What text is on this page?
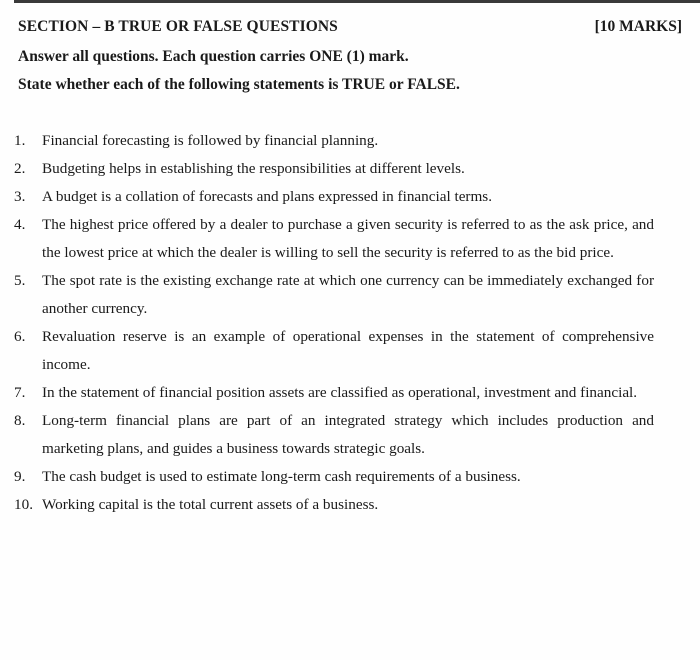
SECTION – B TRUE OR FALSE QUESTIONS	[10 MARKS]
Answer all questions. Each question carries ONE (1) mark.
State whether each of the following statements is TRUE or FALSE.
1.	Financial forecasting is followed by financial planning.
2.	Budgeting helps in establishing the responsibilities at different levels.
3.	A budget is a collation of forecasts and plans expressed in financial terms.
4.	The highest price offered by a dealer to purchase a given security is referred to as the ask price, and the lowest price at which the dealer is willing to sell the security is referred to as the bid price.
5.	The spot rate is the existing exchange rate at which one currency can be immediately exchanged for another currency.
6.	Revaluation reserve is an example of operational expenses in the statement of comprehensive income.
7.	In the statement of financial position assets are classified as operational, investment and financial.
8.	Long-term financial plans are part of an integrated strategy which includes production and marketing plans, and guides a business towards strategic goals.
9.	The cash budget is used to estimate long-term cash requirements of a business.
10. Working capital is the total current assets of a business.
